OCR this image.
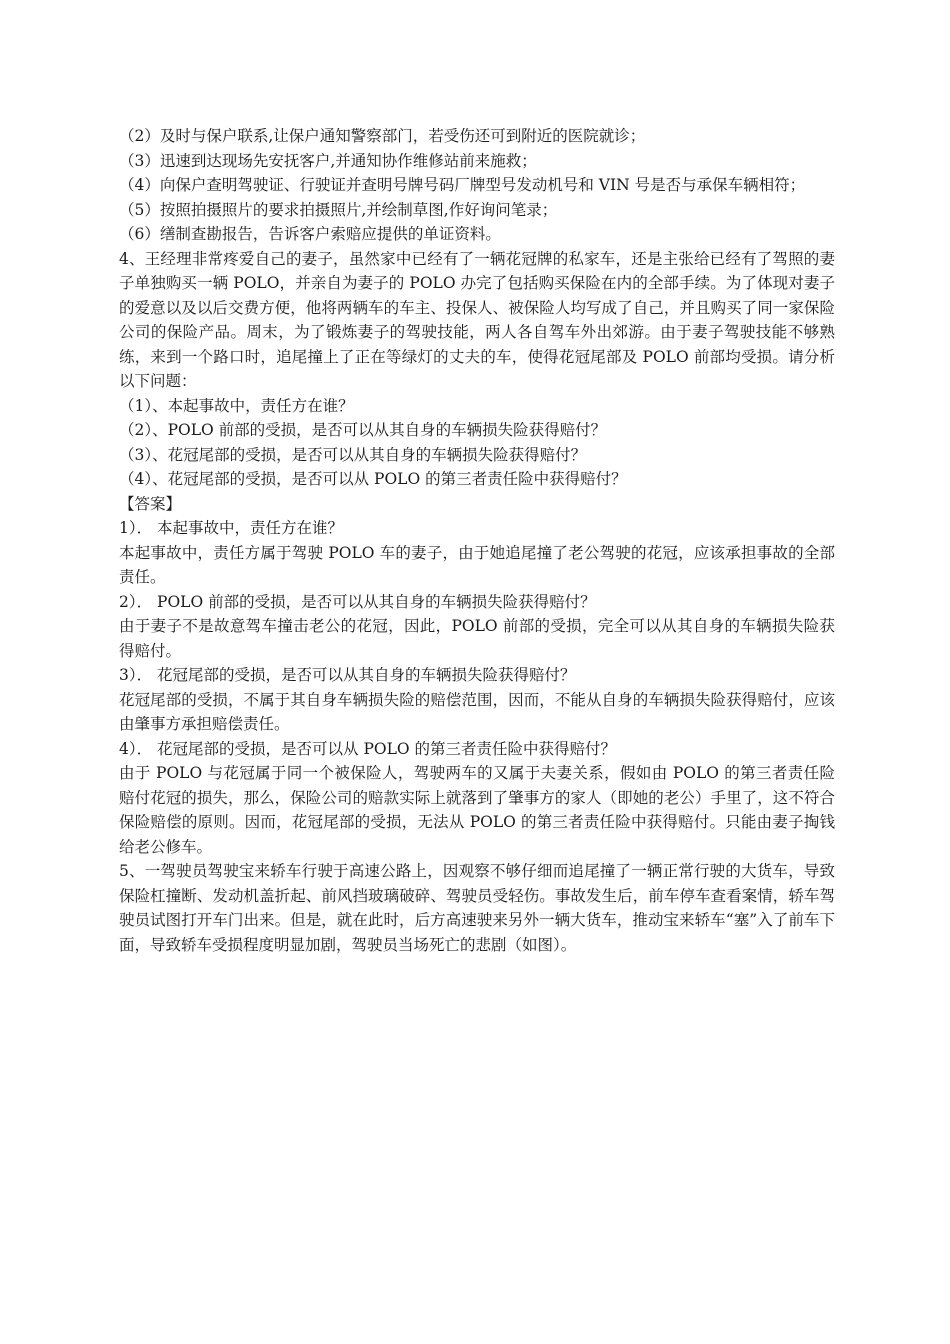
（2）及时与保户联系,让保户通知警察部门，若受伤还可到附近的医院就诊；

（3）迅速到达现场先安抚客户,并通知协作维修站前来施救；

（4）向保户查明驾驶证、行驶证并查明号牌号码厂牌型号发动机号和 VIN 号是否与承保车辆相符；

（5）按照拍摄照片的要求拍摄照片,并绘制草图,作好询问笔录；

（6）缮制查勘报告，告诉客户索赔应提供的单证资料。

4、王经理非常疼爱自己的妻子，虽然家中已经有了一辆花冠牌的私家车，还是主张给已经有了驾照的妻子单独购买一辆 POLO，并亲自为妻子的 POLO 办完了包括购买保险在内的全部手续。为了体现对妻子的爱意以及以后交费方便，他将两辆车的车主、投保人、被保险人均写成了自己，并且购买了同一家保险公司的保险产品。周末，为了锻炼妻子的驾驶技能，两人各自驾车外出郊游。由于妻子驾驶技能不够熟练，来到一个路口时，追尾撞上了正在等绿灯的丈夫的车，使得花冠尾部及 POLO 前部均受损。请分析以下问题：

（1）、本起事故中，责任方在谁？

（2）、POLO 前部的受损，是否可以从其自身的车辆损失险获得赔付？

（3）、花冠尾部的受损，是否可以从其自身的车辆损失险获得赔付？

（4）、花冠尾部的受损，是否可以从 POLO 的第三者责任险中获得赔付？

【答案】

1）． 本起事故中，责任方在谁？

本起事故中，责任方属于驾驶 POLO 车的妻子，由于她追尾撞了老公驾驶的花冠，应该承担事故的全部责任。

2）． POLO 前部的受损，是否可以从其自身的车辆损失险获得赔付？

由于妻子不是故意驾车撞击老公的花冠，因此，POLO 前部的受损，完全可以从其自身的车辆损失险获得赔付。

3）． 花冠尾部的受损，是否可以从其自身的车辆损失险获得赔付？

花冠尾部的受损，不属于其自身车辆损失险的赔偿范围，因而，不能从自身的车辆损失险获得赔付，应该由肇事方承担赔偿责任。

4）． 花冠尾部的受损，是否可以从 POLO 的第三者责任险中获得赔付？

由于 POLO 与花冠属于同一个被保险人，驾驶两车的又属于夫妻关系，假如由 POLO 的第三者责任险赔付花冠的损失，那么，保险公司的赔款实际上就落到了肇事方的家人（即她的老公）手里了，这不符合保险赔偿的原则。因而，花冠尾部的受损，无法从 POLO 的第三者责任险中获得赔付。只能由妻子掏钱给老公修车。

5、一驾驶员驾驶宝来轿车行驶于高速公路上，因观察不够仔细而追尾撞了一辆正常行驶的大货车，导致保险杠撞断、发动机盖折起、前风挡玻璃破碎、驾驶员受轻伤。事故发生后，前车停车查看案情，轿车驾驶员试图打开车门出来。但是，就在此时，后方高速驶来另外一辆大货车，推动宝来轿车“塞”入了前车下面，导致轿车受损程度明显加剧，驾驶员当场死亡的悲剧（如图）。
